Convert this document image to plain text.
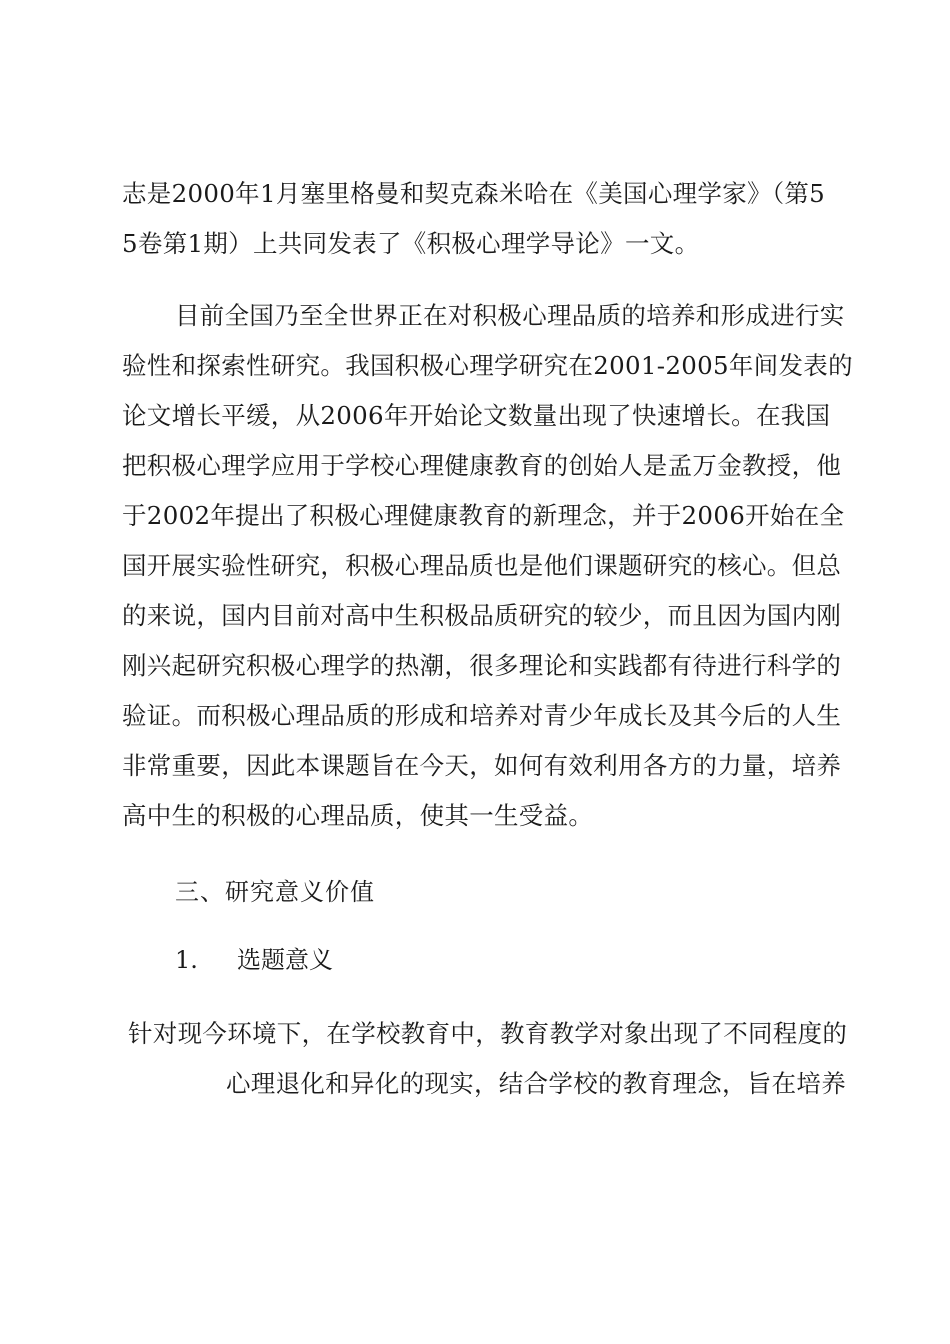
志是2000年1月塞里格曼和契克森米哈在《美国心理学家》（第5
5卷第1期）上共同发表了《积极心理学导论》一文。
目前全国乃至全世界正在对积极心理品质的培养和形成进行实
验性和探索性研究。我国积极心理学研究在2001-2005年间发表的
论文增长平缓，从2006年开始论文数量出现了快速增长。在我国
把积极心理学应用于学校心理健康教育的创始人是孟万金教授，他
于2002年提出了积极心理健康教育的新理念，并于2006开始在全
国开展实验性研究，积极心理品质也是他们课题研究的核心。但总
的来说，国内目前对高中生积极品质研究的较少，而且因为国内刚
刚兴起研究积极心理学的热潮，很多理论和实践都有待进行科学的
验证。而积极心理品质的形成和培养对青少年成长及其今后的人生
非常重要，因此本课题旨在今天，如何有效利用各方的力量，培养
高中生的积极的心理品质，使其一生受益。
三、研究意义价值
1. 选题意义
针对现今环境下，在学校教育中，教育教学对象出现了不同程度的
心理退化和异化的现实，结合学校的教育理念，旨在培养
